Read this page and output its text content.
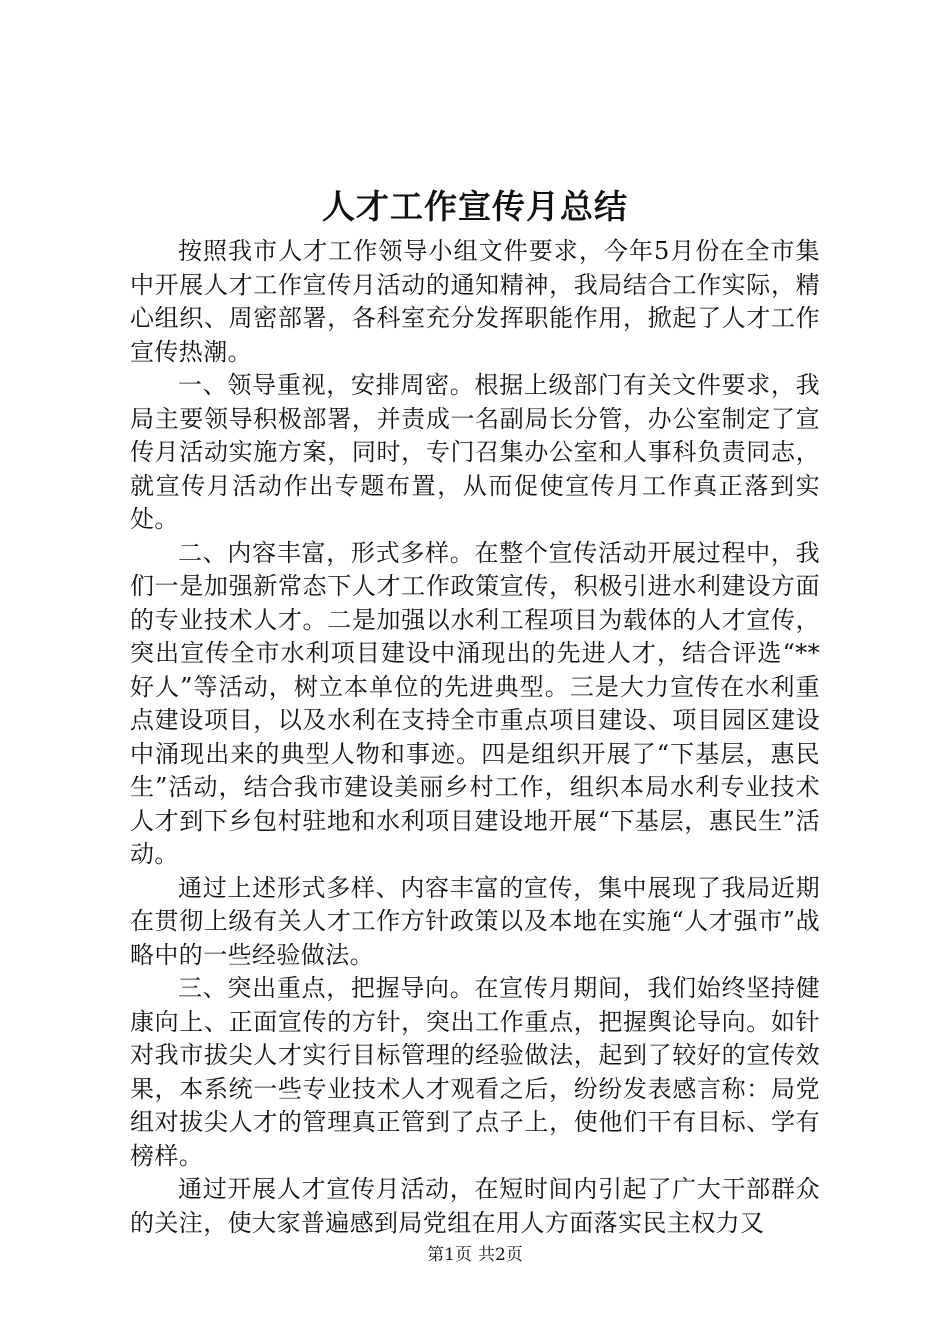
人才工作宣传月总结

按照我市人才工作领导小组文件要求，今年5月份在全市集中开展人才工作宣传月活动的通知精神，我局结合工作实际，精心组织、周密部署，各科室充分发挥职能作用，掀起了人才工作宣传热潮。

一、领导重视，安排周密。根据上级部门有关文件要求，我局主要领导积极部署，并责成一名副局长分管，办公室制定了宣传月活动实施方案，同时，专门召集办公室和人事科负责同志，就宣传月活动作出专题布置，从而促使宣传月工作真正落到实处。

二、内容丰富，形式多样。在整个宣传活动开展过程中，我们一是加强新常态下人才工作政策宣传，积极引进水利建设方面的专业技术人才。二是加强以水利工程项目为载体的人才宣传，突出宣传全市水利项目建设中涌现出的先进人才，结合评选“**好人”等活动，树立本单位的先进典型。三是大力宣传在水利重点建设项目，以及水利在支持全市重点项目建设、项目园区建设中涌现出来的典型人物和事迹。四是组织开展了“下基层，惠民生”活动，结合我市建设美丽乡村工作，组织本局水利专业技术人才到下乡包村驻地和水利项目建设地开展“下基层，惠民生”活动。

通过上述形式多样、内容丰富的宣传，集中展现了我局近期在贯彻上级有关人才工作方针政策以及本地在实施“人才强市”战略中的一些经验做法。

三、突出重点，把握导向。在宣传月期间，我们始终坚持健康向上、正面宣传的方针，突出工作重点，把握舆论导向。如针对我市拔尖人才实行目标管理的经验做法，起到了较好的宣传效果，本系统一些专业技术人才观看之后，纷纷发表感言称：局党组对拔尖人才的管理真正管到了点子上，使他们干有目标、学有榜样。

通过开展人才宣传月活动，在短时间内引起了广大干部群众的关注，使大家普遍感到局党组在用人方面落实民主权力又

第1页 共2页
